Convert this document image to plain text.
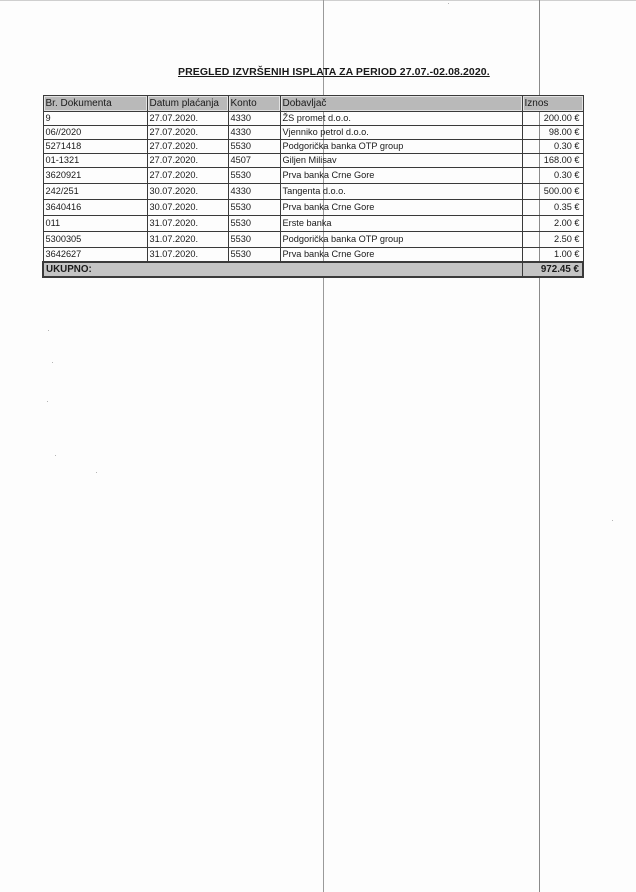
PREGLED IZVRŠENIH ISPLATA ZA PERIOD 27.07.-02.08.2020.
Br. Dokumenta	Datum plaćanja	Konto	Dobavljač	Iznos
9	27.07.2020.	4330	ŽS promet d.o.o.	200.00 €
06//2020	27.07.2020.	4330	Vjenniko petrol d.o.o.	98.00 €
5271418	27.07.2020.	5530	Podgorička banka OTP group	0.30 €
01-1321	27.07.2020.	4507	Giljen Milisav	168.00 €
3620921	27.07.2020.	5530	Prva banka Crne Gore	0.30 €
242/251	30.07.2020.	4330	Tangenta d.o.o.	500.00 €
3640416	30.07.2020.	5530	Prva banka Crne Gore	0.35 €
011	31.07.2020.	5530	Erste banka	2.00 €
5300305	31.07.2020.	5530	Podgorička banka OTP group	2.50 €
3642627	31.07.2020.	5530	Prva banka Crne Gore	1.00 €
UKUPNO:				972.45 €
